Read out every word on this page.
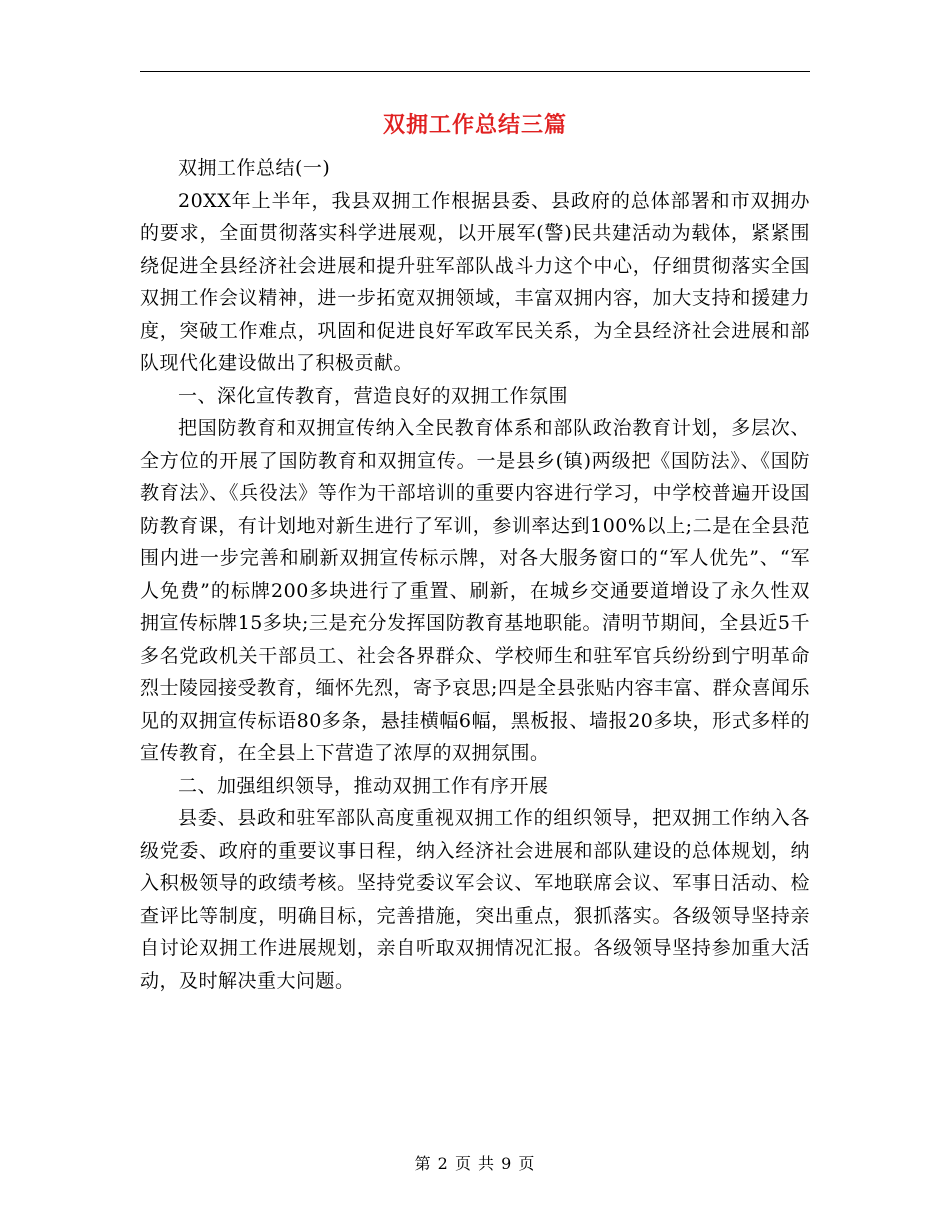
双拥工作总结三篇

双拥工作总结(一)

20XX年上半年，我县双拥工作根据县委、县政府的总体部署和市双拥办的要求，全面贯彻落实科学进展观，以开展军(警)民共建活动为载体，紧紧围绕促进全县经济社会进展和提升驻军部队战斗力这个中心，仔细贯彻落实全国双拥工作会议精神，进一步拓宽双拥领域，丰富双拥内容，加大支持和援建力度，突破工作难点，巩固和促进良好军政军民关系，为全县经济社会进展和部队现代化建设做出了积极贡献。

一、深化宣传教育，营造良好的双拥工作氛围

把国防教育和双拥宣传纳入全民教育体系和部队政治教育计划，多层次、全方位的开展了国防教育和双拥宣传。一是县乡(镇)两级把《国防法》、《国防教育法》、《兵役法》等作为干部培训的重要内容进行学习，中学校普遍开设国防教育课，有计划地对新生进行了军训，参训率达到100%以上;二是在全县范围内进一步完善和刷新双拥宣传标示牌，对各大服务窗口的“军人优先”、“军人免费”的标牌200多块进行了重置、刷新，在城乡交通要道增设了永久性双拥宣传标牌15多块;三是充分发挥国防教育基地职能。清明节期间，全县近5千多名党政机关干部员工、社会各界群众、学校师生和驻军官兵纷纷到宁明革命烈士陵园接受教育，缅怀先烈，寄予哀思;四是全县张贴内容丰富、群众喜闻乐见的双拥宣传标语80多条，悬挂横幅6幅，黑板报、墙报20多块，形式多样的宣传教育，在全县上下营造了浓厚的双拥氛围。

二、加强组织领导，推动双拥工作有序开展

县委、县政和驻军部队高度重视双拥工作的组织领导，把双拥工作纳入各级党委、政府的重要议事日程，纳入经济社会进展和部队建设的总体规划，纳入积极领导的政绩考核。坚持党委议军会议、军地联席会议、军事日活动、检查评比等制度，明确目标，完善措施，突出重点，狠抓落实。各级领导坚持亲自讨论双拥工作进展规划，亲自听取双拥情况汇报。各级领导坚持参加重大活动，及时解决重大问题。

第 2 页 共 9 页
